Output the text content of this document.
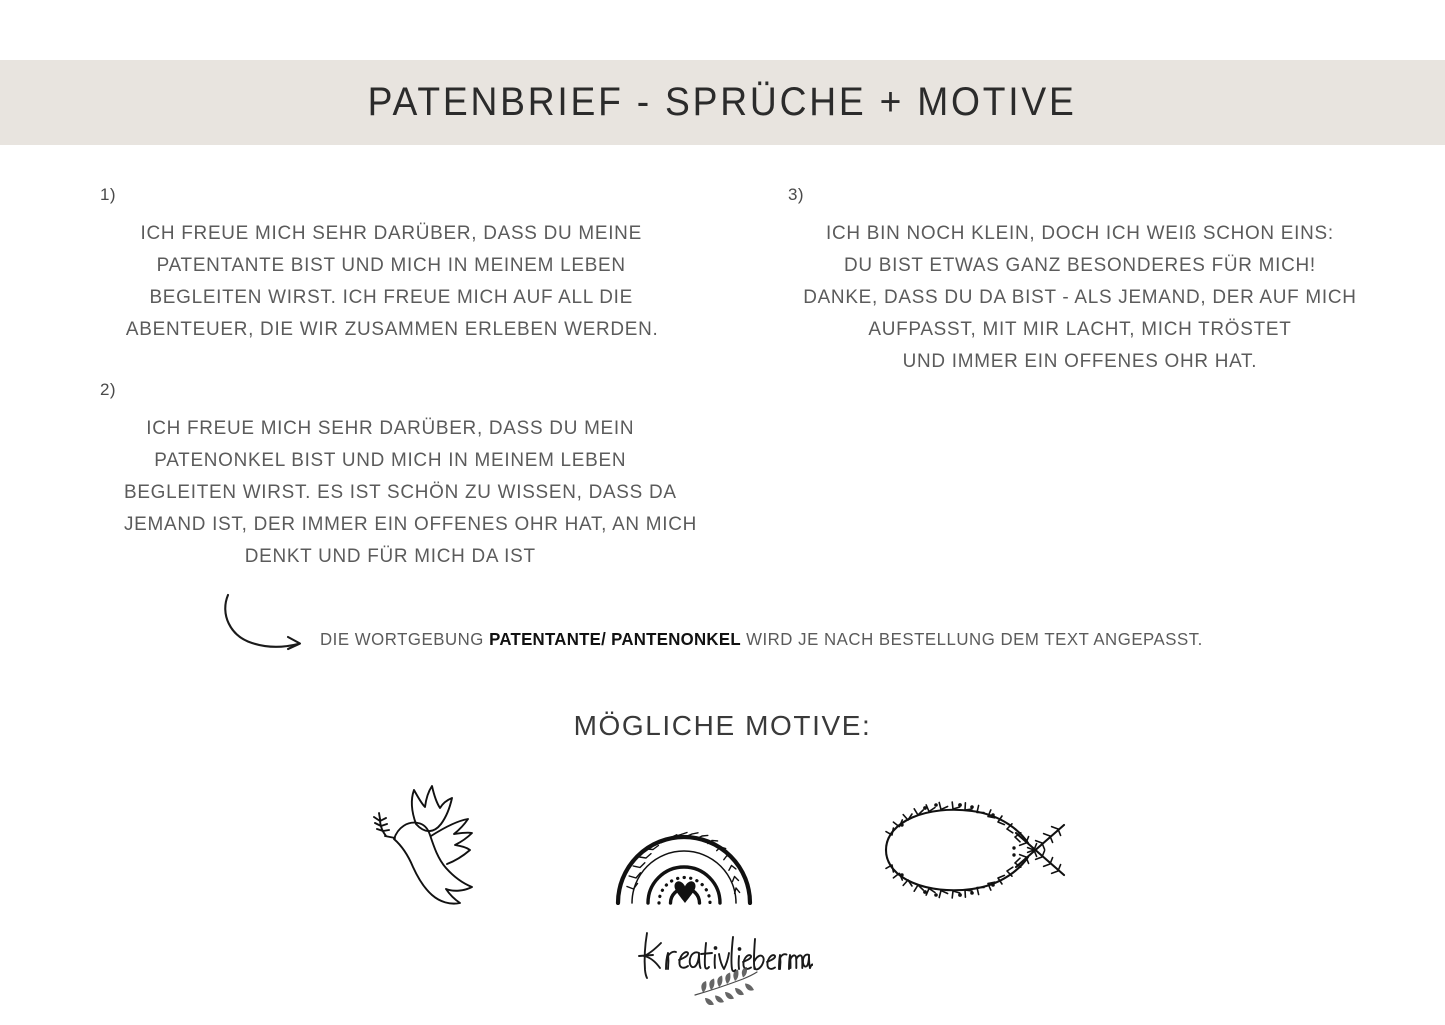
PATENBRIEF - SPRÜCHE + MOTIVE
1)
ICH FREUE MICH SEHR DARÜBER, DASS DU MEINE
PATENTANTE BIST UND MICH IN MEINEM LEBEN
BEGLEITEN WIRST. ICH FREUE MICH AUF ALL DIE
ABENTEUER, DIE WIR ZUSAMMEN ERLEBEN WERDEN.
2)
ICH FREUE MICH SEHR DARÜBER, DASS DU MEIN
PATENONKEL BIST UND MICH IN MEINEM LEBEN
BEGLEITEN WIRST. ES IST SCHÖN ZU WISSEN, DASS DA
JEMAND IST, DER IMMER EIN OFFENES OHR HAT, AN MICH
DENKT UND FÜR MICH DA IST
3)
ICH BIN NOCH KLEIN, DOCH ICH WEIß SCHON EINS:
DU BIST ETWAS GANZ BESONDERES FÜR MICH!
DANKE, DASS DU DA BIST - ALS JEMAND, DER AUF MICH
AUFPASST, MIT MIR LACHT, MICH TRÖSTET
UND IMMER EIN OFFENES OHR HAT.
DIE WORTGEBUNG PATENTANTE/ PANTENONKEL WIRD JE NACH BESTELLUNG DEM TEXT ANGEPASST.
MÖGLICHE MOTIVE:
